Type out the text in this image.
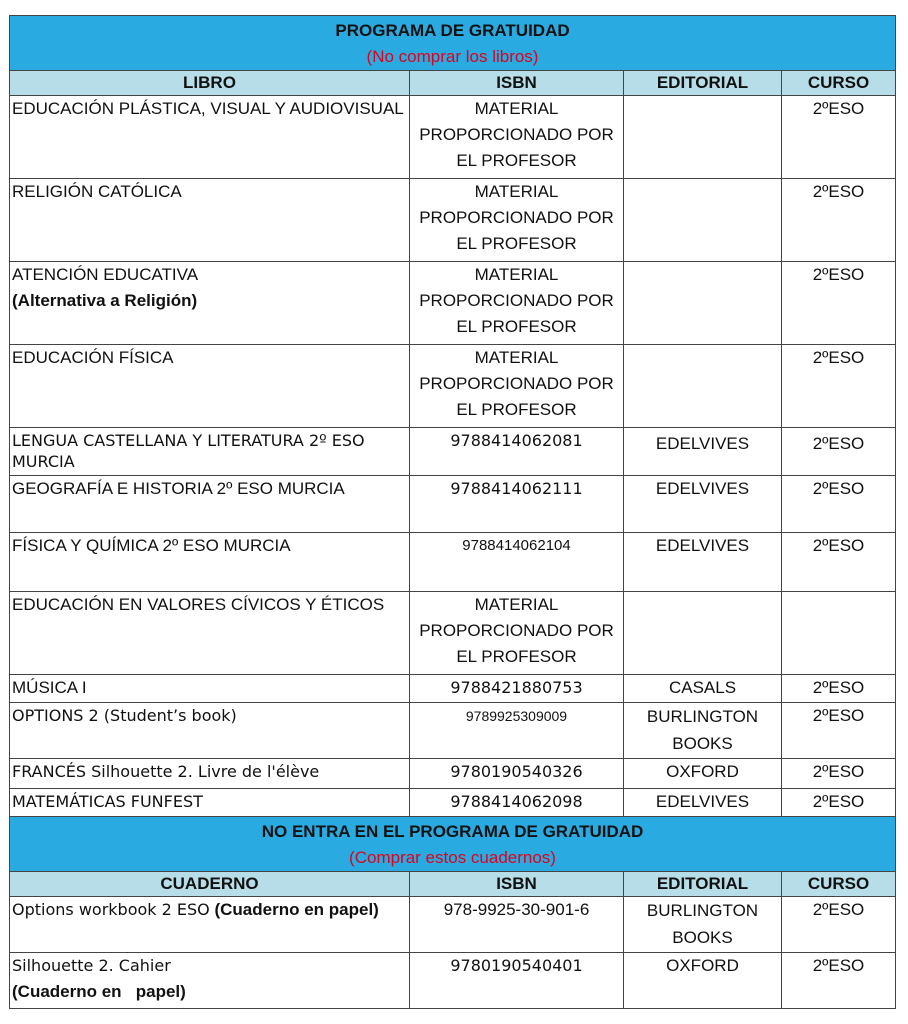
PROGRAMA DE GRATUIDAD
(No comprar los libros)			

LIBRO	ISBN	EDITORIAL	CURSO
EDUCACIÓN PLÁSTICA, VISUAL Y AUDIOVISUAL	MATERIAL PROPORCIONADO POR EL PROFESOR		2ºESO
RELIGIÓN CATÓLICA	MATERIAL PROPORCIONADO POR EL PROFESOR		2ºESO

ATENCIÓN EDUCATIVA
(Alternativa a Religión)	MATERIAL PROPORCIONADO POR EL PROFESOR		2ºESO
EDUCACIÓN FÍSICA	MATERIAL PROPORCIONADO POR EL PROFESOR		2ºESO
LENGUA CASTELLANA Y LITERATURA 2º ESO MURCIA	9788414062081	EDELVIVES	2ºESO
GEOGRAFÍA E HISTORIA 2º ESO MURCIA	9788414062111	EDELVIVES	2ºESO
FÍSICA Y QUÍMICA 2º ESO MURCIA	9788414062104	EDELVIVES	2ºESO
EDUCACIÓN EN VALORES CÍVICOS Y ÉTICOS	MATERIAL PROPORCIONADO POR EL PROFESOR		
MÚSICA I	9788421880753	CASALS	2ºESO
OPTIONS 2 (Student’s book)	9789925309009	BURLINGTON BOOKS	2ºESO
FRANCÉS Silhouette 2. Livre de l'élève	9780190540326	OXFORD	2ºESO
MATEMÁTICAS FUNFEST	9788414062098	EDELVIVES	2ºESO
NO ENTRA EN EL PROGRAMA DE GRATUIDAD
(Comprar estos cuadernos)			

CUADERNO	ISBN	EDITORIAL	CURSO
Options workbook 2 ESO (Cuaderno en papel)	978-9925-30-901-6	BURLINGTON BOOKS	2ºESO

Silhouette 2. Cahier
(Cuaderno en   papel)	9780190540401	OXFORD	2ºESO
